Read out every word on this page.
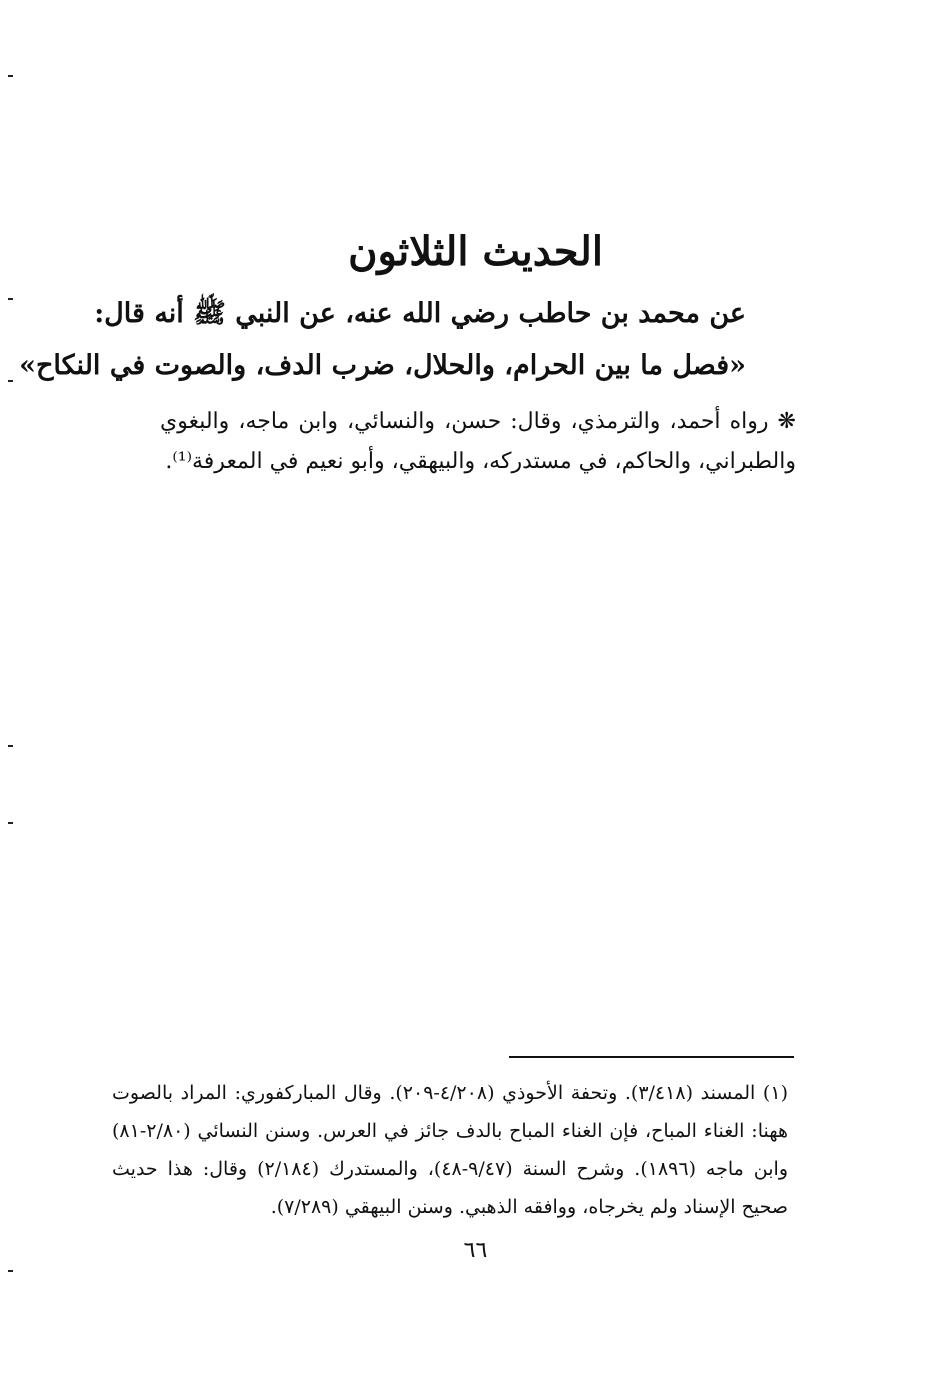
الحديث الثلاثون
عن محمد بن حاطب رضي الله عنه، عن النبي ﷺ أنه قال:
«فصل ما بين الحرام، والحلال، ضرب الدف، والصوت في النكاح»
❋ رواه أحمد، والترمذي، وقال: حسن، والنسائي، وابن ماجه، والبغوي والطبراني، والحاكم، في مستدركه، والبيهقي، وأبو نعيم في المعرفة⁽¹⁾.
(١) المسند (٣/٤١٨). وتحفة الأحوذي (٤/٢٠٨-٢٠٩). وقال المباركفوري: المراد بالصوت ههنا: الغناء المباح، فإن الغناء المباح بالدف جائز في العرس. وسنن النسائي (٢/٨٠-٨١) وابن ماجه (١٨٩٦). وشرح السنة (٩/٤٧-٤٨)، والمستدرك (٢/١٨٤) وقال: هذا حديث صحيح الإسناد ولم يخرجاه، ووافقه الذهبي. وسنن البيهقي (٧/٢٨٩).
٦٦
